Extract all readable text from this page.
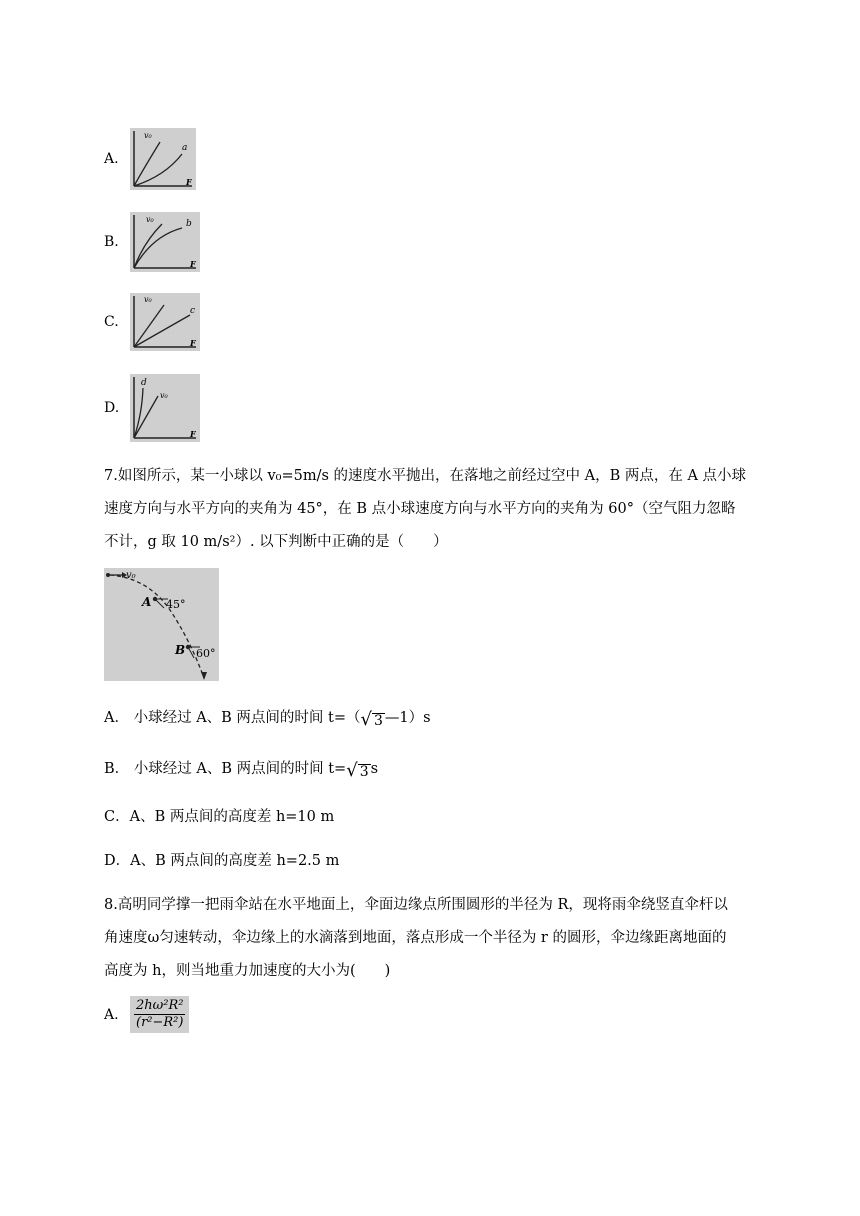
A.
v₀
a
F
B.
v₀	b
F
C.
v₀
c
F
D.
d
v₀
F
7.如图所示，某一小球以 v₀=5m/s 的速度水平抛出，在落地之前经过空中 A，B 两点，在 A 点小球
速度方向与水平方向的夹角为 45°，在 B 点小球速度方向与水平方向的夹角为 60°（空气阻力忽略
不计，g 取 10 m/s²）. 以下判断中正确的是（　　）
v₀
A 45°
B 60°
A． 小球经过 A、B 两点间的时间 t=（ √ 3 —1）s
B． 小球经过 A、B 两点间的时间 t= √ 3 s
C．A、B 两点间的高度差 h=10 m
D．A、B 两点间的高度差 h=2.5 m
8.高明同学撑一把雨伞站在水平地面上，伞面边缘点所围圆形的半径为 R，现将雨伞绕竖直伞杆以
角速度ω匀速转动，伞边缘上的水滴落到地面，落点形成一个半径为 r 的圆形，伞边缘距离地面的
高度为 h，则当地重力加速度的大小为(　　)
A. $\frac{\text{2hω²R²}}{\text{(r²−R²)}}$
